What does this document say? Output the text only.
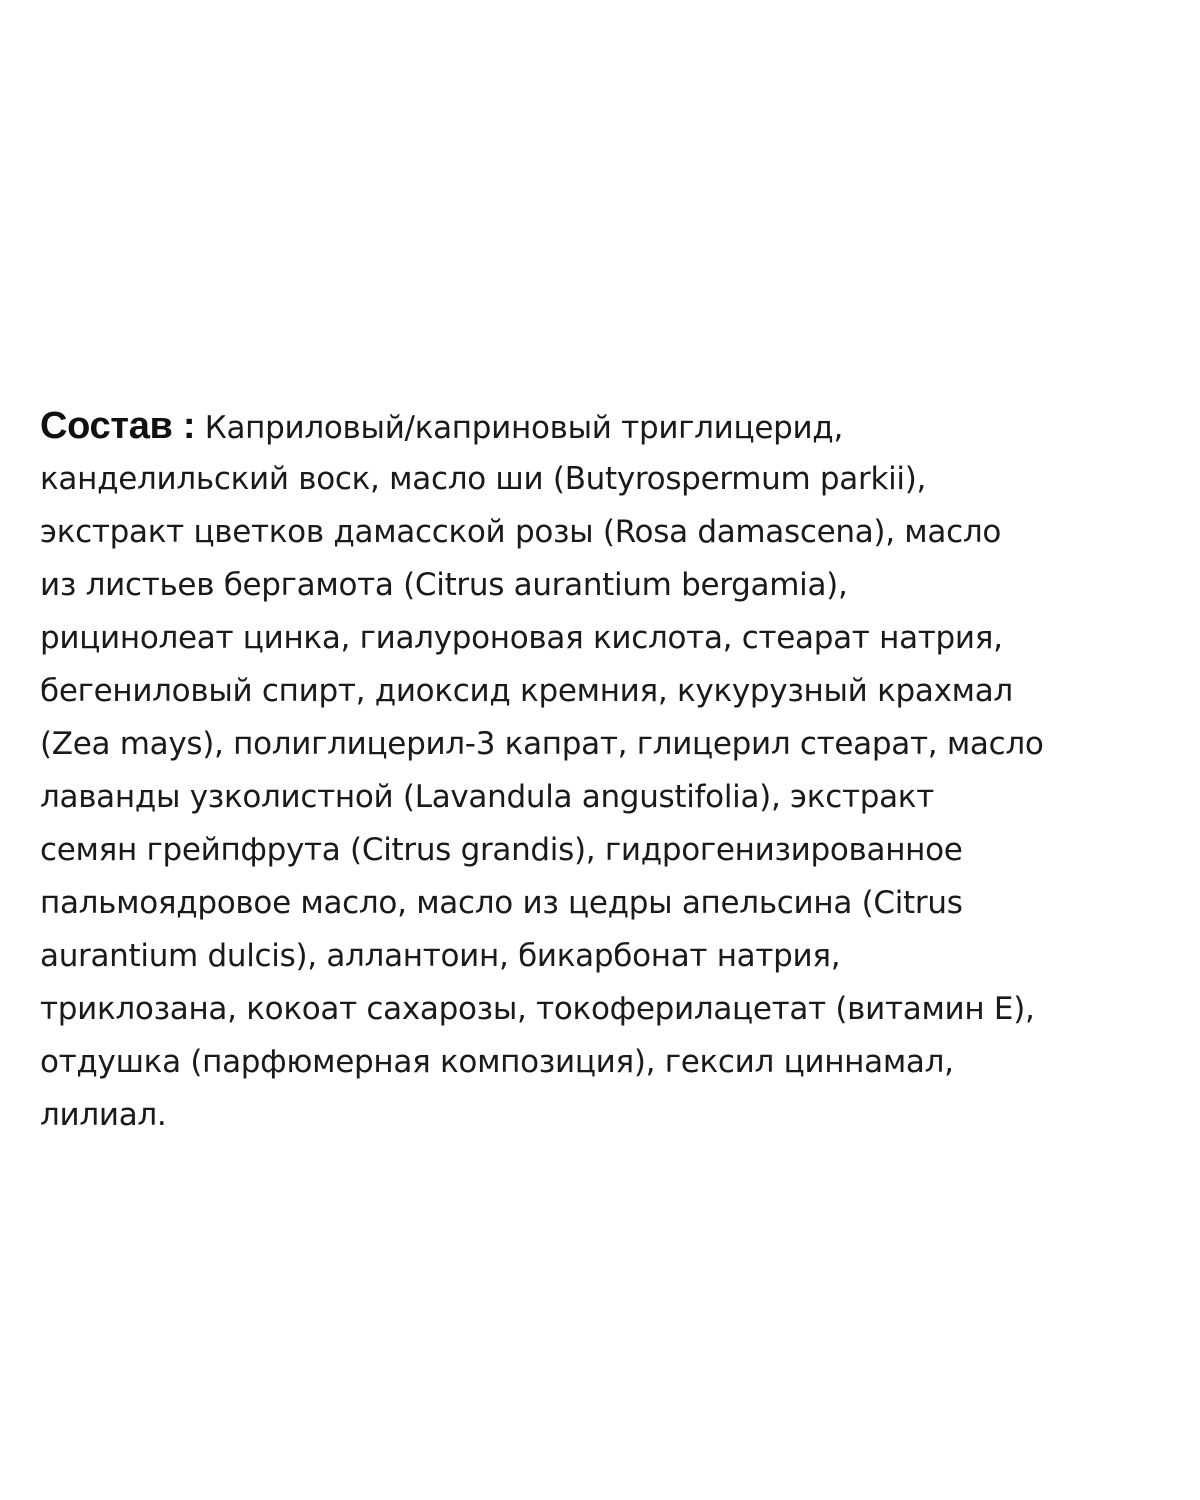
Состав : Каприловый/каприновый триглицерид,
канделильский воск, масло ши (Butyrospermum parkii),
экстракт цветков дамасской розы (Rosa damascena), масло
из листьев бергамота (Citrus aurantium bergamia),
рицинолеат цинка, гиалуроновая кислота, стеарат натрия,
бегениловый спирт, диоксид кремния, кукурузный крахмал
(Zea mays), полиглицерил-3 капрат, глицерил стеарат, масло
лаванды узколистной (Lavandula angustifolia), экстракт
семян грейпфрута (Citrus grandis), гидрогенизированное
пальмоядровое масло, масло из цедры апельсина (Citrus
aurantium dulcis), аллантоин, бикарбонат натрия,
триклозана, кокоат сахарозы, токоферилацетат (витамин Е),
отдушка (парфюмерная композиция), гексил циннамал,
лилиал.
